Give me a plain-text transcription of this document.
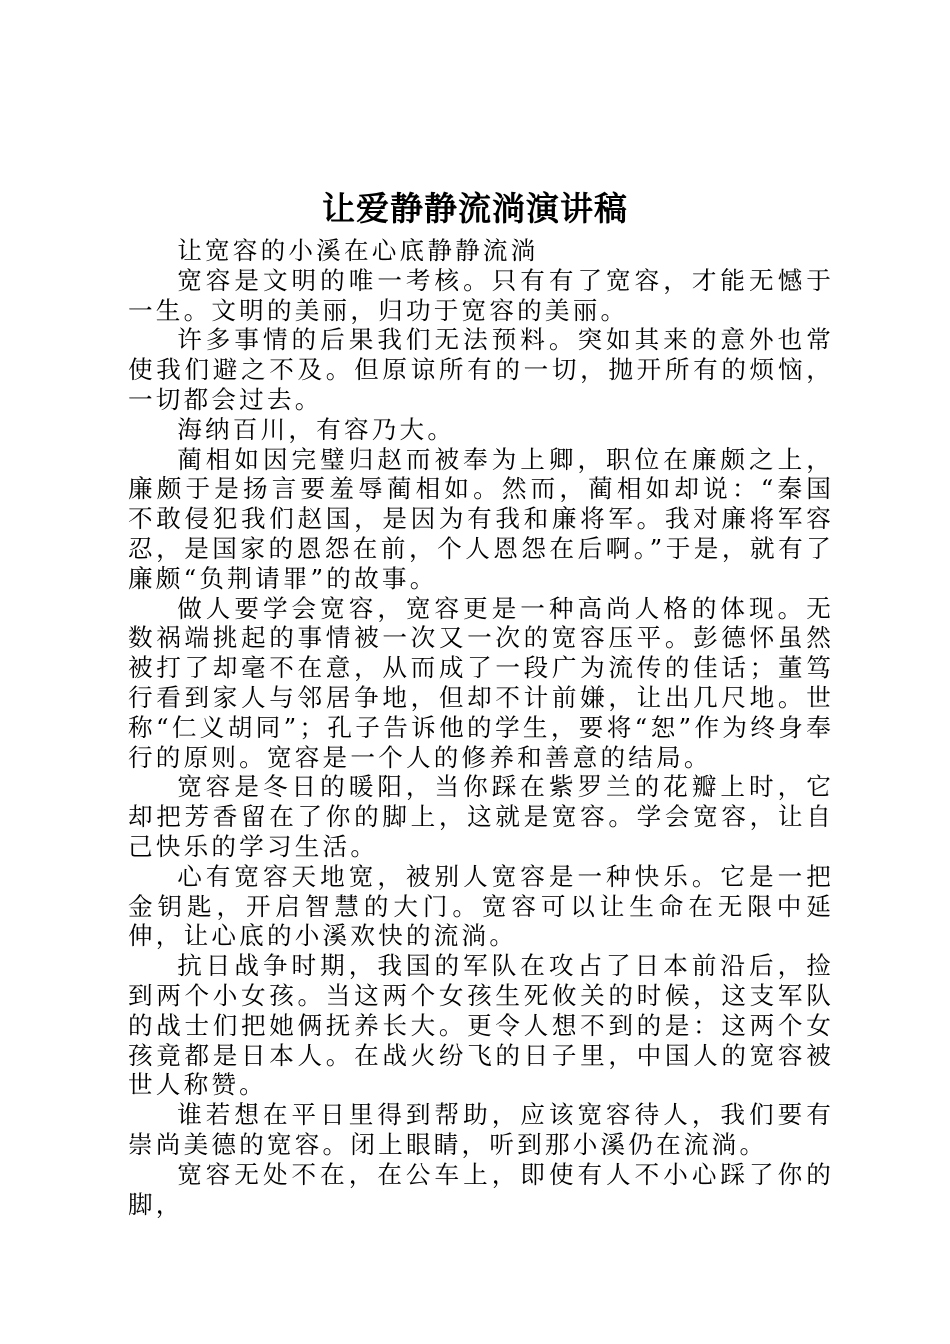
让爱静静流淌演讲稿

让宽容的小溪在心底静静流淌

宽容是文明的唯一考核。只有有了宽容，才能无憾于一生。文明的美丽，归功于宽容的美丽。

许多事情的后果我们无法预料。突如其来的意外也常使我们避之不及。但原谅所有的一切，抛开所有的烦恼，一切都会过去。

海纳百川，有容乃大。

蔺相如因完璧归赵而被奉为上卿，职位在廉颇之上，廉颇于是扬言要羞辱蔺相如。然而，蔺相如却说：“秦国不敢侵犯我们赵国，是因为有我和廉将军。我对廉将军容忍，是国家的恩怨在前，个人恩怨在后啊。”于是，就有了廉颇“负荆请罪”的故事。

做人要学会宽容，宽容更是一种高尚人格的体现。无数祸端挑起的事情被一次又一次的宽容压平。彭德怀虽然被打了却毫不在意，从而成了一段广为流传的佳话；董笃行看到家人与邻居争地，但却不计前嫌，让出几尺地。世称“仁义胡同”；孔子告诉他的学生，要将“恕”作为终身奉行的原则。宽容是一个人的修养和善意的结局。

宽容是冬日的暖阳，当你踩在紫罗兰的花瓣上时，它却把芳香留在了你的脚上，这就是宽容。学会宽容，让自己快乐的学习生活。

心有宽容天地宽，被别人宽容是一种快乐。它是一把金钥匙，开启智慧的大门。宽容可以让生命在无限中延伸，让心底的小溪欢快的流淌。

抗日战争时期，我国的军队在攻占了日本前沿后，捡到两个小女孩。当这两个女孩生死攸关的时候，这支军队的战士们把她俩抚养长大。更令人想不到的是：这两个女孩竟都是日本人。在战火纷飞的日子里，中国人的宽容被世人称赞。

谁若想在平日里得到帮助，应该宽容待人，我们要有崇尚美德的宽容。闭上眼睛，听到那小溪仍在流淌。

宽容无处不在，在公车上，即使有人不小心踩了你的脚，
